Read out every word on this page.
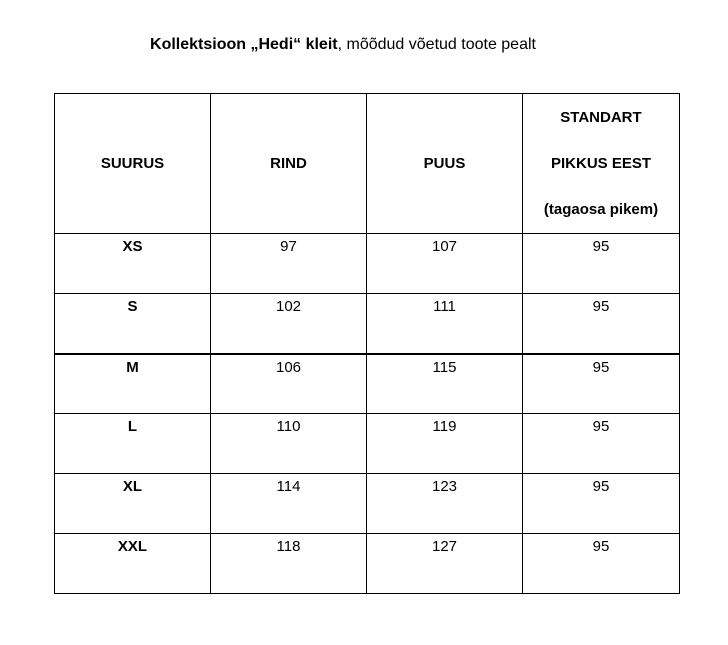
Kollektsioon „Hedi“ kleit, mõõdud võetud toote pealt
SUURUS	RIND	PUUS	STANDART
PIKKUS EEST
(tagaosa pikem)

XS	97	107	95
S	102	111	95
M	106	115	95
L	110	119	95
XL	114	123	95
XXL	118	127	95
